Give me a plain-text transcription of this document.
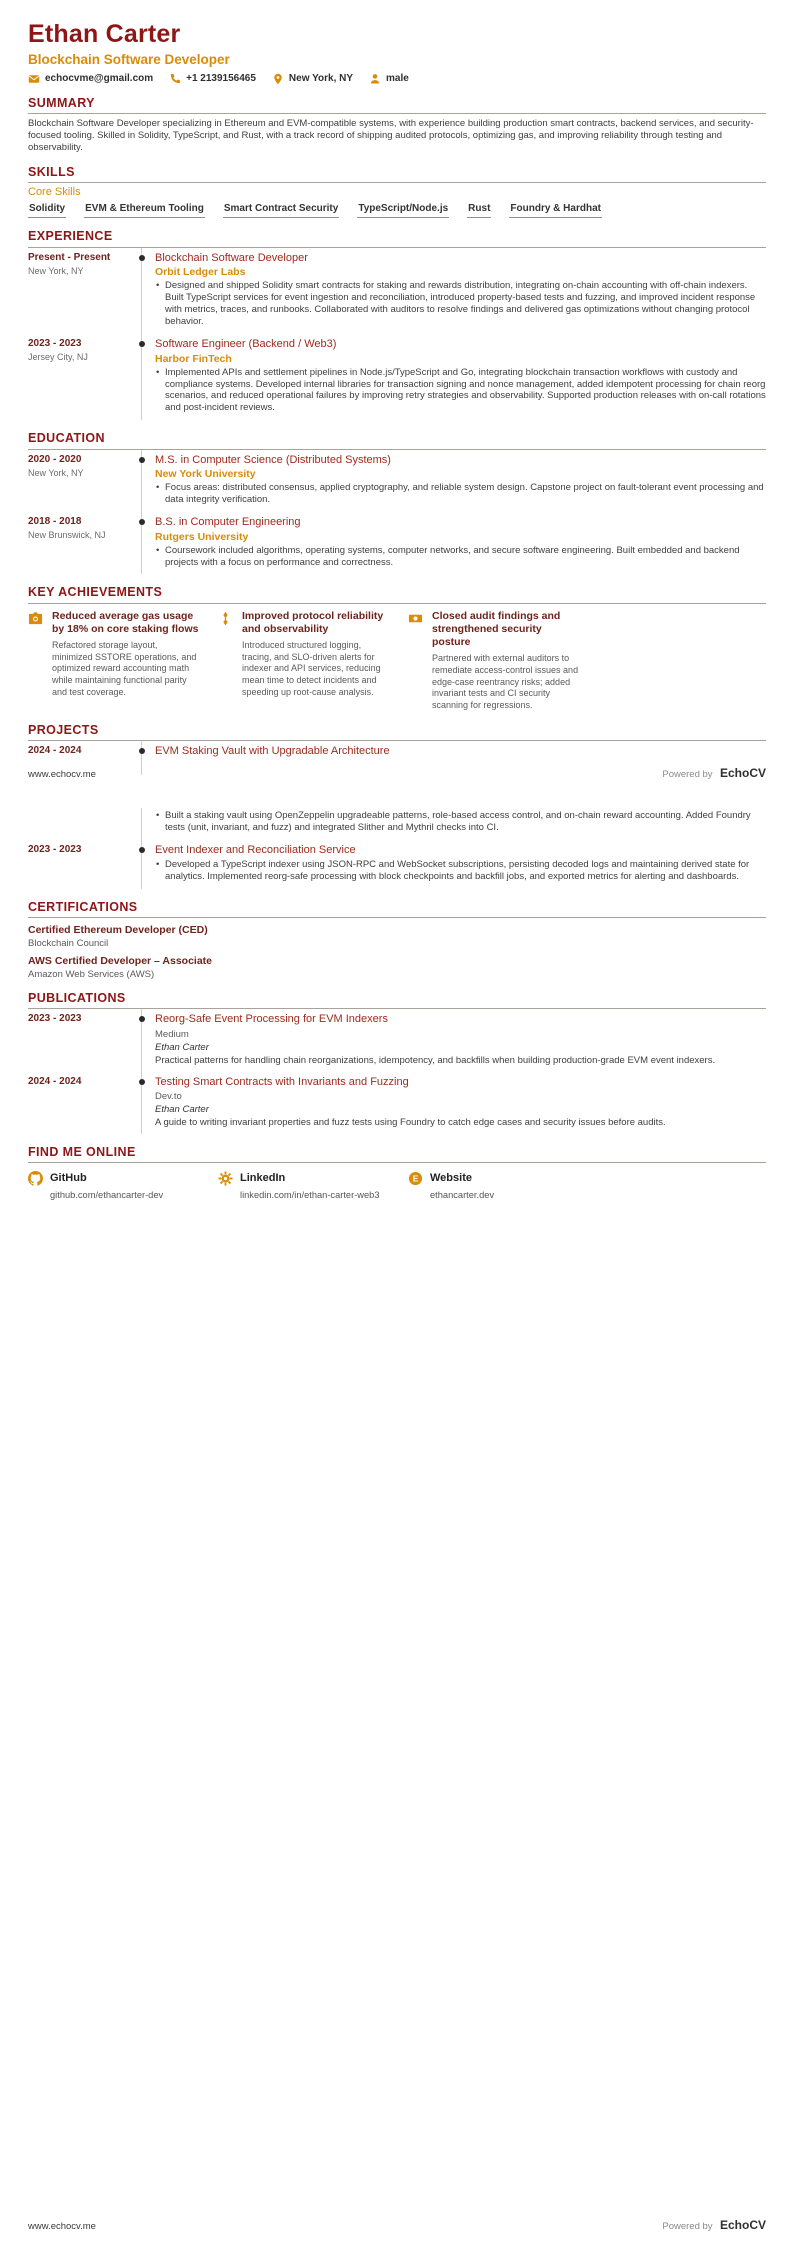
Ethan Carter
Blockchain Software Developer
echocvme@gmail.com	+1 2139156465	New York, NY	male
SUMMARY
Blockchain Software Developer specializing in Ethereum and EVM-compatible systems, with experience building production smart contracts, backend services, and security-focused tooling. Skilled in Solidity, TypeScript, and Rust, with a track record of shipping audited protocols, optimizing gas, and improving reliability through testing and observability.
SKILLS
Core Skills
Solidity EVM & Ethereum Tooling Smart Contract Security TypeScript/Node.js Rust Foundry & Hardhat
EXPERIENCE
Present - Present
New York, NY
Blockchain Software Developer
Orbit Ledger Labs
• Designed and shipped Solidity smart contracts for staking and rewards distribution, integrating on-chain accounting with off-chain indexers. Built TypeScript services for event ingestion and reconciliation, introduced property-based tests and fuzzing, and improved incident response with metrics, traces, and runbooks. Collaborated with auditors to resolve findings and delivered gas optimizations without changing protocol behavior.
2023 - 2023
Jersey City, NJ
Software Engineer (Backend / Web3)
Harbor FinTech
• Implemented APIs and settlement pipelines in Node.js/TypeScript and Go, integrating blockchain transaction workflows with custody and compliance systems. Developed internal libraries for transaction signing and nonce management, added idempotent processing for chain reorg scenarios, and reduced operational failures by improving retry strategies and observability. Supported production releases with on-call rotations and post-incident reviews.
EDUCATION
2020 - 2020
New York, NY
M.S. in Computer Science (Distributed Systems)
New York University
• Focus areas: distributed consensus, applied cryptography, and reliable system design. Capstone project on fault-tolerant event processing and data integrity verification.
2018 - 2018
New Brunswick, NJ
B.S. in Computer Engineering
Rutgers University
• Coursework included algorithms, operating systems, computer networks, and secure software engineering. Built embedded and backend projects with a focus on performance and correctness.
KEY ACHIEVEMENTS
Reduced average gas usage by 18% on core staking flows
Refactored storage layout, minimized SSTORE operations, and optimized reward accounting math while maintaining functional parity and test coverage.
Improved protocol reliability and observability
Introduced structured logging, tracing, and SLO-driven alerts for indexer and API services, reducing mean time to detect incidents and speeding up root-cause analysis.
Closed audit findings and strengthened security posture
Partnered with external auditors to remediate access-control issues and edge-case reentrancy risks; added invariant tests and CI security scanning for regressions.
PROJECTS
2024 - 2024	EVM Staking Vault with Upgradable Architecture
www.echocv.me	Powered by EchoCV
• Built a staking vault using OpenZeppelin upgradeable patterns, role-based access control, and on-chain reward accounting. Added Foundry tests (unit, invariant, and fuzz) and integrated Slither and Mythril checks into CI.
2023 - 2023	Event Indexer and Reconciliation Service
• Developed a TypeScript indexer using JSON-RPC and WebSocket subscriptions, persisting decoded logs and maintaining derived state for analytics. Implemented reorg-safe processing with block checkpoints and backfill jobs, and exported metrics for alerting and dashboards.
CERTIFICATIONS
Certified Ethereum Developer (CED)
Blockchain Council
AWS Certified Developer – Associate
Amazon Web Services (AWS)
PUBLICATIONS
2023 - 2023	Reorg-Safe Event Processing for EVM Indexers
Medium
Ethan Carter
Practical patterns for handling chain reorganizations, idempotency, and backfills when building production-grade EVM event indexers.
2024 - 2024	Testing Smart Contracts with Invariants and Fuzzing
Dev.to
Ethan Carter
A guide to writing invariant properties and fuzz tests using Foundry to catch edge cases and security issues before audits.
FIND ME ONLINE
GitHub
github.com/ethancarter-dev
LinkedIn
linkedin.com/in/ethan-carter-web3
E Website
ethancarter.dev
www.echocv.me	Powered by EchoCV
